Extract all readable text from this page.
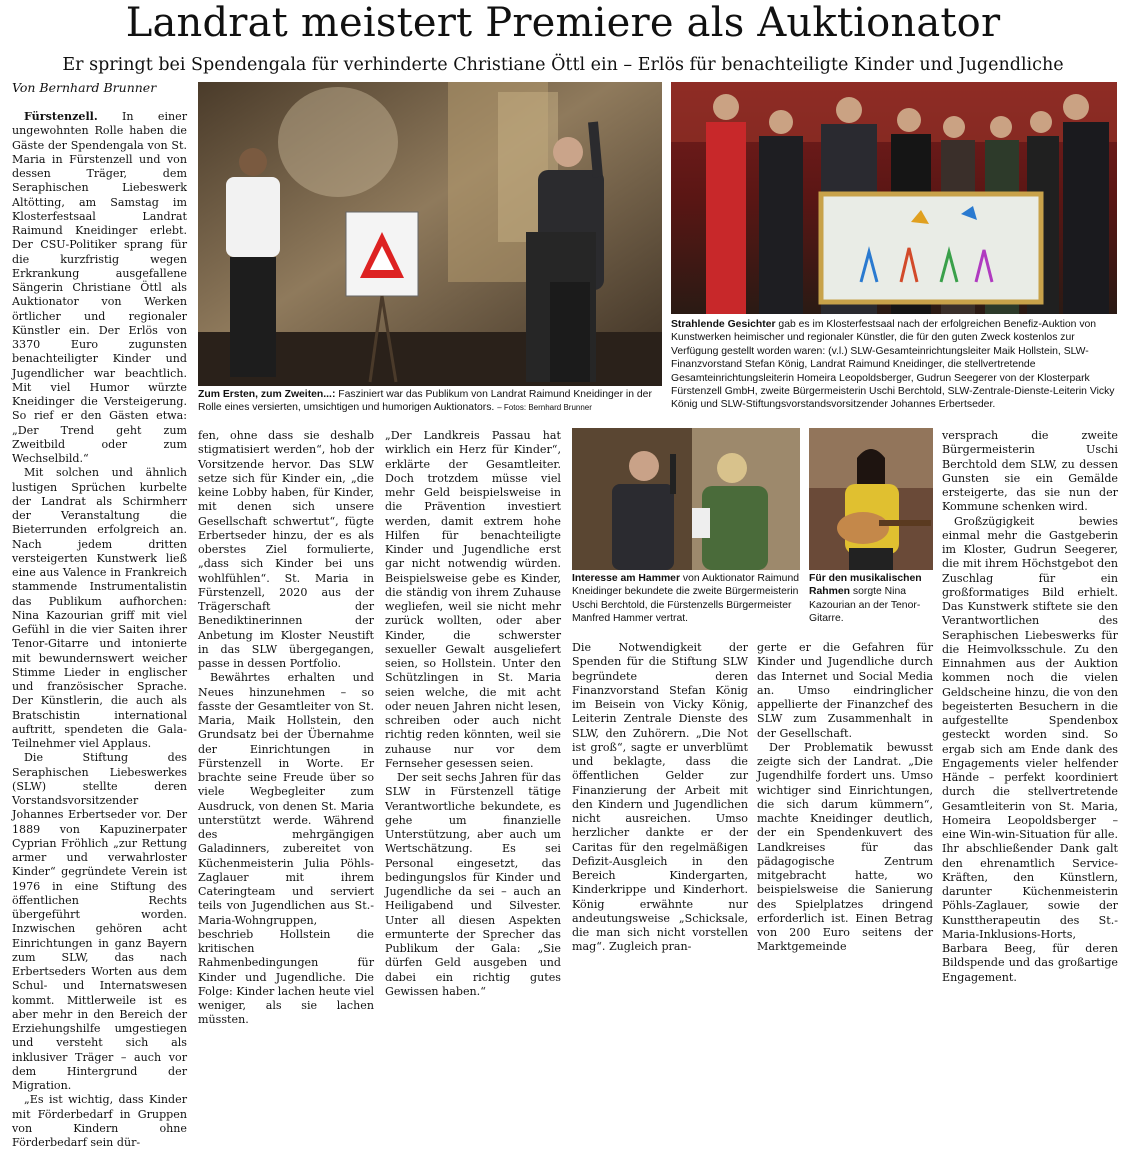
Landrat meistert Premiere als Auktionator
Er springt bei Spendengala für verhinderte Christiane Öttl ein – Erlös für benachteiligte Kinder und Jugendliche
Von Bernhard Brunner

Fürstenzell. In einer ungewohnten Rolle haben die Gäste der Spendengala von St. Maria in Fürstenzell und von dessen Träger, dem Seraphischen Liebeswerk Altötting, am Samstag im Klosterfestsaal Landrat Raimund Kneidinger erlebt. Der CSU-Politiker sprang für die kurzfristig wegen Erkrankung ausgefallene Sängerin Christiane Öttl als Auktionator von Werken örtlicher und regionaler Künstler ein. Der Erlös von 3370 Euro zugunsten benachteiligter Kinder und Jugendlicher war beachtlich. Mit viel Humor würzte Kneidinger die Versteigerung. So rief er den Gästen etwa: „Der Trend geht zum Zweitbild oder zum Wechselbild.“

Mit solchen und ähnlich lustigen Sprüchen kurbelte der Landrat als Schirmherr der Veranstaltung die Bieterrunden erfolgreich an. Nach jedem dritten versteigerten Kunstwerk ließ eine aus Valence in Frankreich stammende Instrumentalistin das Publikum aufhorchen: Nina Kazourian griff mit viel Gefühl in die vier Saiten ihrer Tenor-Gitarre und intonierte mit bewundernswert weicher Stimme Lieder in englischer und französischer Sprache. Der Künstlerin, die auch als Bratschistin international auftritt, spendeten die Gala-Teilnehmer viel Applaus.

Die Stiftung des Seraphischen Liebeswerkes (SLW) stellte deren Vorstandsvorsitzender Johannes Erbertseder vor. Der 1889 von Kapuzinerpater Cyprian Fröhlich „zur Rettung armer und verwahrloster Kinder“ gegründete Verein ist 1976 in eine Stiftung des öffentlichen Rechts übergeführt worden. Inzwischen gehören acht Einrichtungen in ganz Bayern zum SLW, das nach Erbertseders Worten aus dem Schul- und Internatswesen kommt. Mittlerweile ist es aber mehr in den Bereich der Erziehungshilfe umgestiegen und versteht sich als inklusiver Träger – auch vor dem Hintergrund der Migration.

„Es ist wichtig, dass Kinder mit Förderbedarf in Gruppen von Kindern ohne Förderbedarf sein dür-

Zum Ersten, zum Zweiten...: Fasziniert war das Publikum von Landrat Raimund Kneidinger in der Rolle eines versierten, umsichtigen und humorigen Auktionators. – Fotos: Bernhard Brunner
Strahlende Gesichter gab es im Klosterfestsaal nach der erfolgreichen Benefiz-Auktion von Kunstwerken heimischer und regionaler Künstler, die für den guten Zweck kostenlos zur Verfügung gestellt worden waren: (v.l.) SLW-Gesamteinrichtungsleiter Maik Hollstein, SLW-Finanzvorstand Stefan König, Landrat Raimund Kneidinger, die stellvertretende Gesamteinrichtungsleiterin Homeira Leopoldsberger, Gudrun Seegerer von der Klosterpark Fürstenzell GmbH, zweite Bürgermeisterin Uschi Berchtold, SLW-Zentrale-Dienste-Leiterin Vicky König und SLW-Stiftungsvorstandsvorsitzender Johannes Erbertseder.

fen, ohne dass sie deshalb stigmatisiert werden“, hob der Vorsitzende hervor. Das SLW setze sich für Kinder ein, „die keine Lobby haben, für Kinder, mit denen sich unsere Gesellschaft schwertut“, fügte Erbertseder hinzu, der es als oberstes Ziel formulierte, „dass sich Kinder bei uns wohlfühlen“. St. Maria in Fürstenzell, 2020 aus der Trägerschaft der Benediktinerinnen der Anbetung im Kloster Neustift in das SLW übergegangen, passe in dessen Portfolio.

Bewährtes erhalten und Neues hinzunehmen – so fasste der Gesamtleiter von St. Maria, Maik Hollstein, den Grundsatz bei der Übernahme der Einrichtungen in Fürstenzell in Worte. Er brachte seine Freude über so viele Wegbegleiter zum Ausdruck, von denen St. Maria unterstützt werde. Während des mehrgängigen Galadinners, zubereitet von Küchenmeisterin Julia Pöhls-Zaglauer mit ihrem Cateringteam und serviert teils von Jugendlichen aus St.-Maria-Wohngruppen, beschrieb Hollstein die kritischen Rahmenbedingungen für Kinder und Jugendliche. Die Folge: Kinder lachen heute viel weniger, als sie lachen müssten.

„Der Landkreis Passau hat wirklich ein Herz für Kinder“, erklärte der Gesamtleiter. Doch trotzdem müsse viel mehr Geld beispielsweise in die Prävention investiert werden, damit extrem hohe Hilfen für benachteiligte Kinder und Jugendliche erst gar nicht notwendig würden. Beispielsweise gebe es Kinder, die ständig von ihrem Zuhause wegliefen, weil sie nicht mehr zurück wollten, oder aber Kinder, die schwerster sexueller Gewalt ausgeliefert seien, so Hollstein. Unter den Schützlingen in St. Maria seien welche, die mit acht oder neuen Jahren nicht lesen, schreiben oder auch nicht richtig reden könnten, weil sie zuhause nur vor dem Fernseher gesessen seien.

Der seit sechs Jahren für das SLW in Fürstenzell tätige Verantwortliche bekundete, es gehe um finanzielle Unterstützung, aber auch um Wertschätzung. Es sei Personal eingesetzt, das bedingungslos für Kinder und Jugendliche da sei – auch an Heiligabend und Silvester. Unter all diesen Aspekten ermunterte der Sprecher das Publikum der Gala: „Sie dürfen Geld ausgeben und dabei ein richtig gutes Gewissen haben.“

Interesse am Hammer von Auktionator Raimund Kneidinger bekundete die zweite Bürgermeisterin Uschi Berchtold, die Fürstenzells Bürgermeister Manfred Hammer vertrat.
Für den musikalischen Rahmen sorgte Nina Kazourian an der Tenor-Gitarre.

Die Notwendigkeit der Spenden für die Stiftung SLW begründete deren Finanzvorstand Stefan König im Beisein von Vicky König, Leiterin Zentrale Dienste des SLW, den Zuhörern. „Die Not ist groß“, sagte er unverblümt und beklagte, dass die öffentlichen Gelder zur Finanzierung der Arbeit mit den Kindern und Jugendlichen nicht ausreichen. Umso herzlicher dankte er der Caritas für den regelmäßigen Defizit-Ausgleich in den Bereich Kindergarten, Kinderkrippe und Kinderhort. König erwähnte nur andeutungsweise „Schicksale, die man sich nicht vorstellen mag“. Zugleich pran-

gerte er die Gefahren für Kinder und Jugendliche durch das Internet und Social Media an. Umso eindringlicher appellierte der Finanzchef des SLW zum Zusammenhalt in der Gesellschaft.

Der Problematik bewusst zeigte sich der Landrat. „Die Jugendhilfe fordert uns. Umso wichtiger sind Einrichtungen, die sich darum kümmern“, machte Kneidinger deutlich, der ein Spendenkuvert des Landkreises für das pädagogische Zentrum mitgebracht hatte, wo beispielsweise die Sanierung des Spielplatzes dringend erforderlich ist. Einen Betrag von 200 Euro seitens der Marktgemeinde

versprach die zweite Bürgermeisterin Uschi Berchtold dem SLW, zu dessen Gunsten sie ein Gemälde ersteigerte, das sie nun der Kommune schenken wird.

Großzügigkeit bewies einmal mehr die Gastgeberin im Kloster, Gudrun Seegerer, die mit ihrem Höchstgebot den Zuschlag für ein großformatiges Bild erhielt. Das Kunstwerk stiftete sie den Verantwortlichen des Seraphischen Liebeswerks für die Heimvolksschule. Zu den Einnahmen aus der Auktion kommen noch die vielen Geldscheine hinzu, die von den begeisterten Besuchern in die aufgestellte Spendenbox gesteckt worden sind. So ergab sich am Ende dank des Engagements vieler helfender Hände – perfekt koordiniert durch die stellvertretende Gesamtleiterin von St. Maria, Homeira Leopoldsberger – eine Win-win-Situation für alle. Ihr abschließender Dank galt den ehrenamtlich Service-Kräften, den Künstlern, darunter Küchenmeisterin Pöhls-Zaglauer, sowie der Kunsttherapeutin des St.-Maria-Inklusions-Horts, Barbara Beeg, für deren Bildspende und das großartige Engagement.
